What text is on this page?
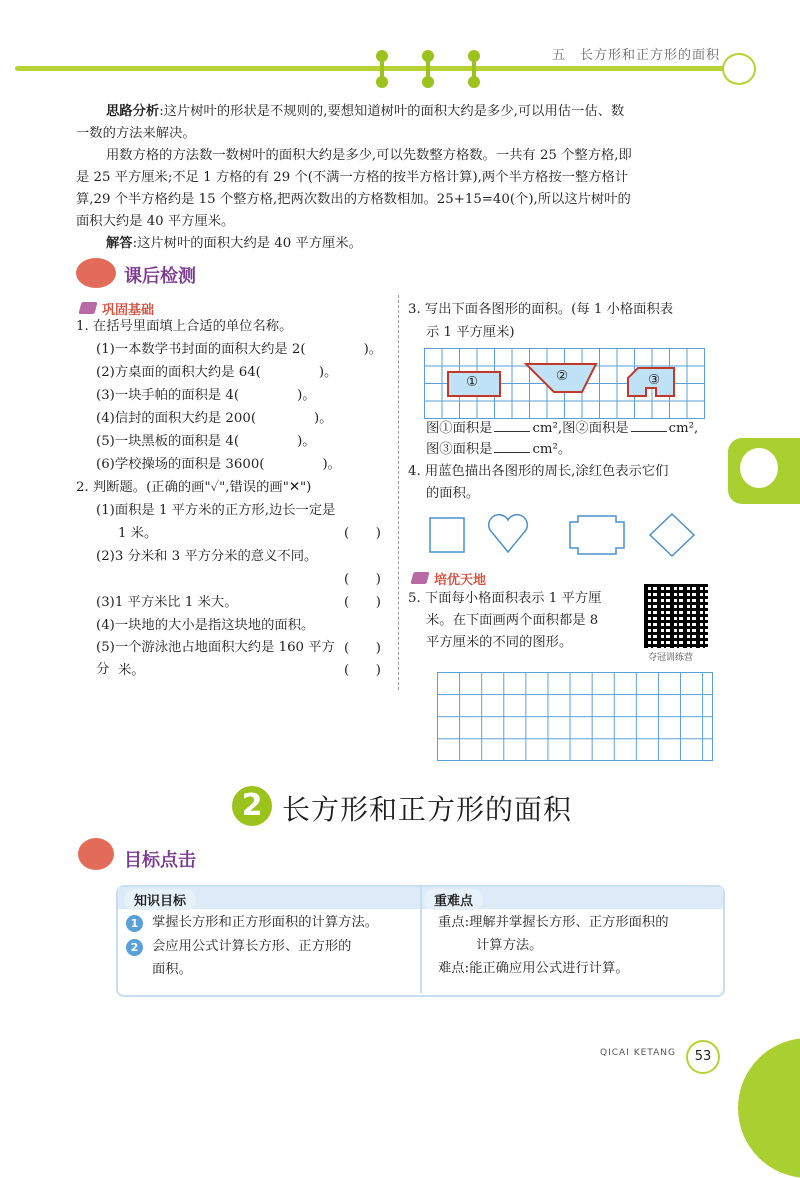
五　长方形和正方形的面积
思路分析:这片树叶的形状是不规则的,要想知道树叶的面积大约是多少,可以用估一估、数
一数的方法来解决。
用数方格的方法数一数树叶的面积大约是多少,可以先数整方格数。一共有 25 个整方格,即
是 25 平方厘米;不足 1 方格的有 29 个(不满一方格的按半方格计算),两个半方格按一整方格计
算,29 个半方格约是 15 个整方格,把两次数出的方格数相加。25+15=40(个),所以这片树叶的
面积大约是 40 平方厘米。
解答:这片树叶的面积大约是 40 平方厘米。
课后检测
巩固基础
1. 在括号里面填上合适的单位名称。
(1)一本数学书封面的面积大约是 2(	)。
(2)方桌面的面积大约是 64(	)。
(3)一块手帕的面积是 4(	)。
(4)信封的面积大约是 200(	)。
(5)一块黑板的面积是 4(	)。
(6)学校操场的面积是 3600(	)。
2. 判断题。(正确的画"✓",错误的画"✕")
(1)面积是 1 平方米的正方形,边长一定是
1 米。	(　　)
(2)3 分米和 3 平方分米的意义不同。
(　　)
(3)1 平方米比 1 米大。	(　　)
(4)一块地的大小是指这块地的面积。
(　　)
(5)一个游泳池占地面积大约是 160 平方分 米。	(　　)
3. 写出下面各图形的面积。(每 1 小格面积表
示 1 平方厘米)
①	②	③
图①面积是	cm²,图②面积是	cm²,
图③面积是	cm²。
4. 用蓝色描出各图形的周长,涂红色表示它们
的面积。
培优天地
5. 下面每小格面积表示 1 平方厘
米。在下面画两个面积都是 8
平方厘米的不同的图形。
夺冠训练营
2 长方形和正方形的面积
目标点击
知识目标	重难点
1	掌握长方形和正方形面积的计算方法。
2	会应用公式计算长方形、正方形的
面积。
重点:理解并掌握长方形、正方形面积的
计算方法。
难点:能正确应用公式进行计算。
QICAI KETANG	53
